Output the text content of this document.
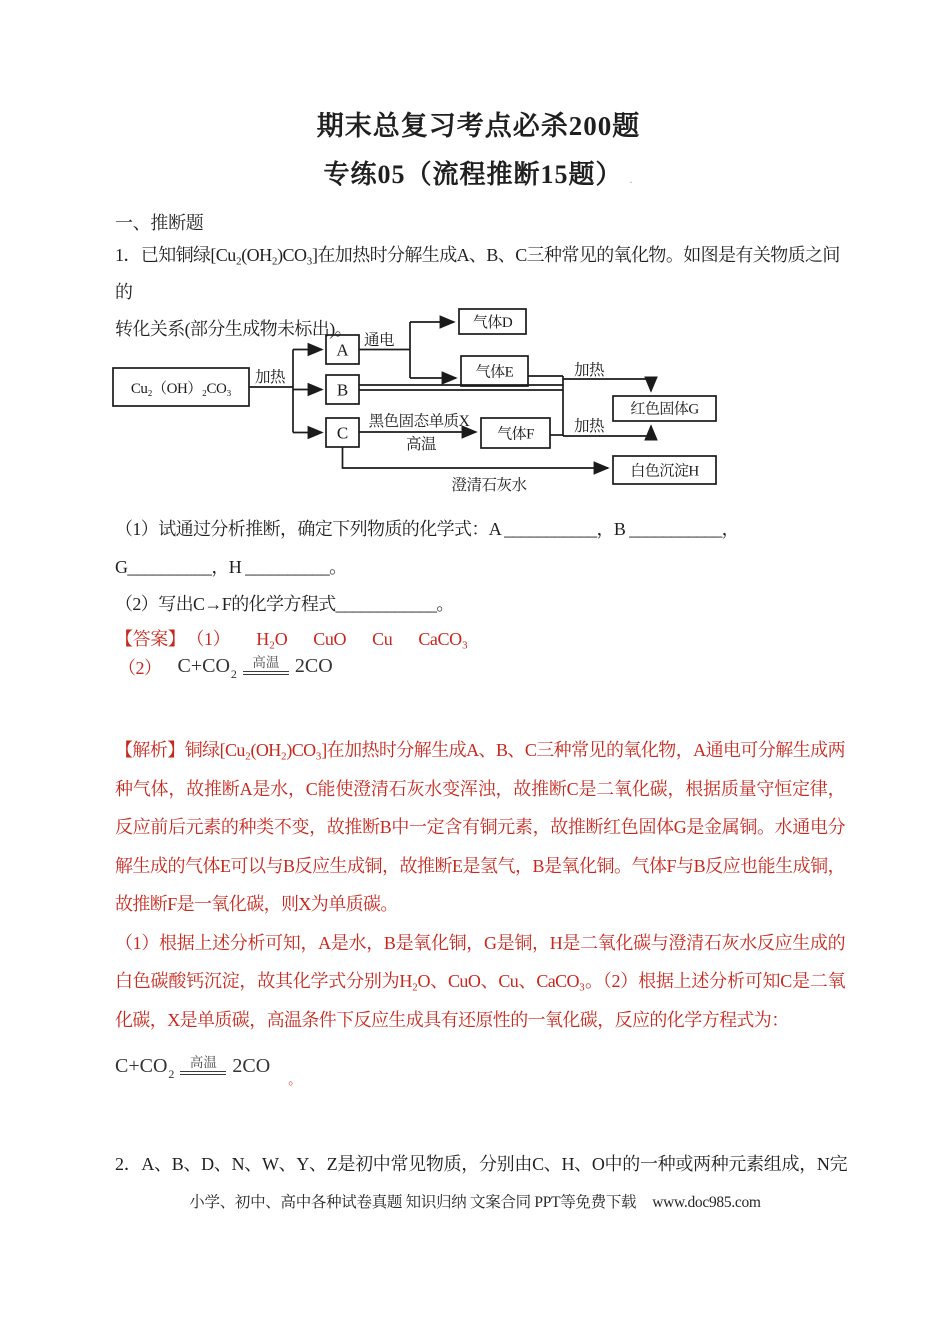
期末总复习考点必杀200题
专练05（流程推断15题） .
一、推断题
1．已知铜绿[Cu₂(OH₂)CO₃]在加热时分解生成A、B、C三种常见的氧化物。如图是有关物质之间的
转化关系(部分生成物未标出)。
Cu₂（OH）₂CO₃
A
B
C
气体D
气体E
气体F
红色固体G
白色沉淀H
加热
通电
黑色固态单质X
高温
加热
加热
澄清石灰水
（1）试通过分析推断，确定下列物质的化学式：A ___________，B ___________，
G__________，H __________。
（2）写出C→F的化学方程式____________。
【答案】 （1） H₂O CuO Cu CaCO₃
（2） C+CO 2
高温 2CO

【解析】铜绿[Cu₂(OH₂)CO₃]在加热时分解生成A、B、C三种常见的氧化物，A通电可分解生成两种气体，故推断A是水，C能使澄清石灰水变浑浊，故推断C是二氧化碳，根据质量守恒定律，反应前后元素的种类不变，故推断B中一定含有铜元素，故推断红色固体G是金属铜。水通电分解生成的气体E可以与B反应生成铜，故推断E是氢气，B是氧化铜。气体F与B反应也能生成铜，故推断F是一氧化碳，则X为单质碳。

（1）根据上述分析可知，A是水，B是氧化铜，G是铜，H是二氧化碳与澄清石灰水反应生成的白色碳酸钙沉淀，故其化学式分别为H₂O、CuO、Cu、CaCO₃。（2）根据上述分析可知C是二氧化碳，X是单质碳，高温条件下反应生成具有还原性的一氧化碳，反应的化学方程式为：

C+CO 2
高温 2CO
。
2．A、B、D、N、W、Y、Z是初中常见物质，分别由C、H、O中的一种或两种元素组成，N完
小学、初中、高中各种试卷真题 知识归纳 文案合同 PPT等免费下载 www.doc985.com
